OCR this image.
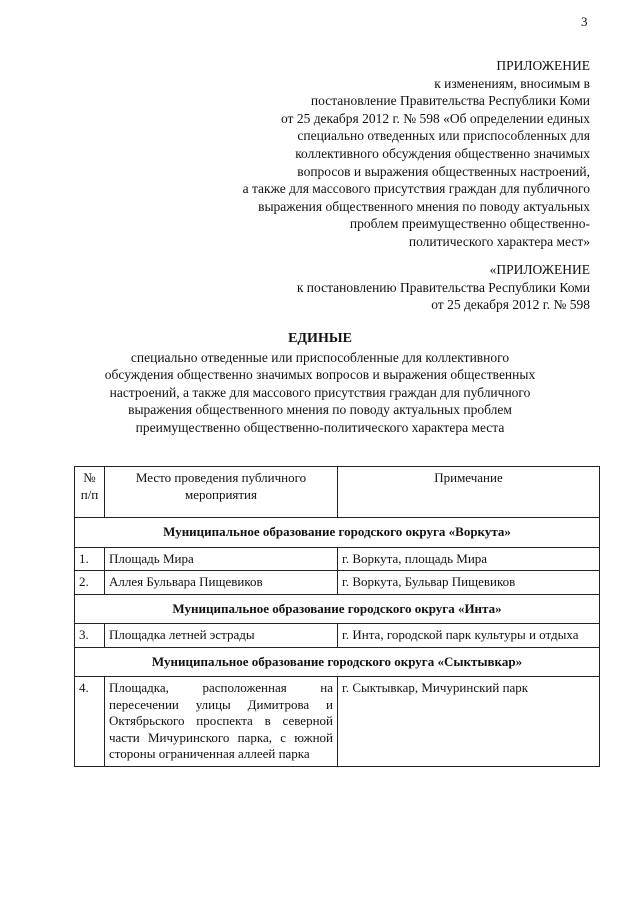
3
ПРИЛОЖЕНИЕ
к изменениям, вносимым в
постановление Правительства Республики Коми
от 25 декабря 2012 г. № 598 «Об определении единых
специально отведенных или приспособленных для
коллективного обсуждения общественно значимых
вопросов и выражения общественных настроений,
а также для массового присутствия граждан для публичного
выражения общественного мнения по поводу актуальных
проблем преимущественно общественно-
политического характера мест»
«ПРИЛОЖЕНИЕ
к постановлению Правительства Республики Коми
от 25 декабря 2012 г. № 598
ЕДИНЫЕ
специально отведенные или приспособленные для коллективного
обсуждения общественно значимых вопросов и выражения общественных
настроений, а также для массового присутствия граждан для публичного
выражения общественного мнения по поводу актуальных проблем
преимущественно общественно-политического характера места
№ п/п	Место проведения публичного мероприятия	Примечание
Муниципальное образование городского округа «Воркута»		
1.	Площадь Мира	г. Воркута, площадь Мира
2.	Аллея Бульвара Пищевиков	г. Воркута, Бульвар Пищевиков
Муниципальное образование городского округа «Инта»		
3.	Площадка летней эстрады	г. Инта, городской парк культуры и отдыха
Муниципальное образование городского округа «Сыктывкар»		
4.	Площадка, расположенная на пересечении улицы Димитрова и Октябрьского проспекта в северной части Мичуринского парка, с южной стороны ограниченная аллеей парка	г. Сыктывкар, Мичуринский парк
